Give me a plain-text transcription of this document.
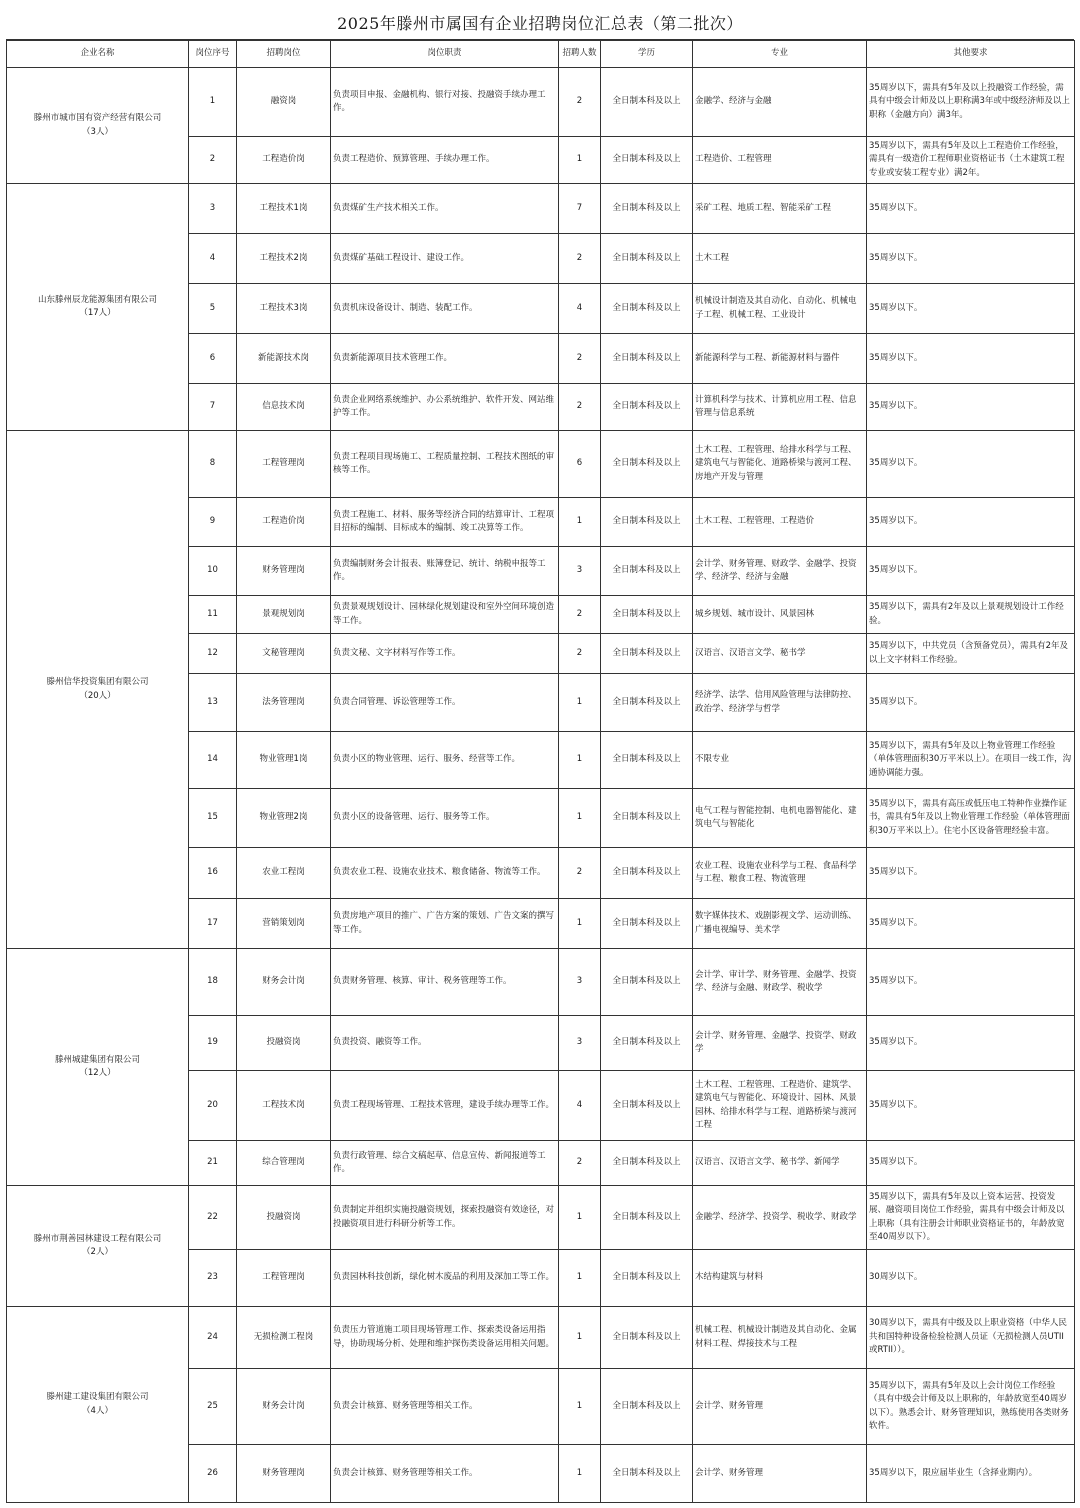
2025年滕州市属国有企业招聘岗位汇总表（第二批次）
企业名称	岗位序号	招聘岗位	岗位职责	招聘人数	学历	专业	其他要求
滕州市城市国有资产经营有限公司
（3人）	1	融资岗	负责项目申报、金融机构、银行对接、投融资手续办理工作。	2	全日制本科及以上	金融学、经济与金融	35周岁以下，需具有5年及以上投融资工作经验，需具有中级会计师及以上职称满3年或中级经济师及以上职称（金融方向）满3年。
	2	工程造价岗	负责工程造价、预算管理、手续办理工作。	1	全日制本科及以上	工程造价、工程管理	35周岁以下，需具有5年及以上工程造价工作经验，需具有一级造价工程师职业资格证书（土木建筑工程专业或安装工程专业）满2年。
山东滕州辰龙能源集团有限公司
（17人）	3	工程技术1岗	负责煤矿生产技术相关工作。	7	全日制本科及以上	采矿工程、地质工程、智能采矿工程	35周岁以下。
	4	工程技术2岗	负责煤矿基础工程设计、建设工作。	2	全日制本科及以上	土木工程	35周岁以下。
	5	工程技术3岗	负责机床设备设计、制造、装配工作。	4	全日制本科及以上	机械设计制造及其自动化、自动化、机械电子工程、机械工程、工业设计	35周岁以下。
	6	新能源技术岗	负责新能源项目技术管理工作。	2	全日制本科及以上	新能源科学与工程、新能源材料与器件	35周岁以下。
	7	信息技术岗	负责企业网络系统维护、办公系统维护、软件开发、网站维护等工作。	2	全日制本科及以上	计算机科学与技术、计算机应用工程、信息管理与信息系统	35周岁以下。
滕州信华投资集团有限公司
（20人）	8	工程管理岗	负责工程项目现场施工、工程质量控制、工程技术图纸的审核等工作。	6	全日制本科及以上	土木工程、工程管理、给排水科学与工程、建筑电气与智能化、道路桥梁与渡河工程、房地产开发与管理	35周岁以下。
	9	工程造价岗	负责工程施工、材料、服务等经济合同的结算审计、工程项目招标的编制、目标成本的编制、竣工决算等工作。	1	全日制本科及以上	土木工程、工程管理、工程造价	35周岁以下。
	10	财务管理岗	负责编制财务会计报表、账簿登记、统计、纳税申报等工作。	3	全日制本科及以上	会计学、财务管理、财政学、金融学、投资学、经济学、经济与金融	35周岁以下。
	11	景观规划岗	负责景观规划设计、园林绿化规划建设和室外空间环境创造等工作。	2	全日制本科及以上	城乡规划、城市设计、风景园林	35周岁以下，需具有2年及以上景观规划设计工作经验。
	12	文秘管理岗	负责文秘、文字材料写作等工作。	2	全日制本科及以上	汉语言、汉语言文学、秘书学	35周岁以下，中共党员（含预备党员），需具有2年及以上文字材料工作经验。
	13	法务管理岗	负责合同管理、诉讼管理等工作。	1	全日制本科及以上	经济学、法学、信用风险管理与法律防控、政治学、经济学与哲学	35周岁以下。
	14	物业管理1岗	负责小区的物业管理、运行、服务、经营等工作。	1	全日制本科及以上	不限专业	35周岁以下，需具有5年及以上物业管理工作经验（单体管理面积30万平米以上）。在项目一线工作，沟通协调能力强。
	15	物业管理2岗	负责小区的设备管理、运行、服务等工作。	1	全日制本科及以上	电气工程与智能控制、电机电器智能化、建筑电气与智能化	35周岁以下，需具有高压或低压电工特种作业操作证书，需具有5年及以上物业管理工作经验（单体管理面积30万平米以上）。住宅小区设备管理经验丰富。
	16	农业工程岗	负责农业工程、设施农业技术、粮食储备、物流等工作。	2	全日制本科及以上	农业工程、设施农业科学与工程、食品科学与工程、粮食工程、物流管理	35周岁以下。
	17	营销策划岗	负责房地产项目的推广、广告方案的策划、广告文案的撰写等工作。	1	全日制本科及以上	数字媒体技术、戏剧影视文学、运动训练、广播电视编导、美术学	35周岁以下。
滕州城建集团有限公司
（12人）	18	财务会计岗	负责财务管理、核算、审计、税务管理等工作。	3	全日制本科及以上	会计学、审计学、财务管理、金融学、投资学、经济与金融、财政学、税收学	35周岁以下。
	19	投融资岗	负责投资、融资等工作。	3	全日制本科及以上	会计学、财务管理、金融学、投资学、财政学	35周岁以下。
	20	工程技术岗	负责工程现场管理、工程技术管理，建设手续办理等工作。	4	全日制本科及以上	土木工程、工程管理、工程造价、建筑学、建筑电气与智能化、环境设计、园林、风景园林、给排水科学与工程、道路桥梁与渡河工程	35周岁以下。
	21	综合管理岗	负责行政管理、综合文稿起草、信息宣传、新闻报道等工作。	2	全日制本科及以上	汉语言、汉语言文学、秘书学、新闻学	35周岁以下。
滕州市荆善园林建设工程有限公司
（2人）	22	投融资岗	负责制定并组织实施投融资规划，探索投融资有效途径，对投融资项目进行科研分析等工作。	1	全日制本科及以上	金融学、经济学、投资学、税收学、财政学	35周岁以下，需具有5年及以上资本运营、投资发展、融资项目岗位工作经验，需具有中级会计师及以上职称（具有注册会计师职业资格证书的，年龄放宽至40周岁以下）。
	23	工程管理岗	负责园林科技创新，绿化树木废品的利用及深加工等工作。	1	全日制本科及以上	木结构建筑与材料	30周岁以下。
滕州建工建设集团有限公司
（4人）	24	无损检测工程岗	负责压力管道施工项目现场管理工作、探索类设备运用指导，协助现场分析、处理和维护探伤类设备运用相关问题。	1	全日制本科及以上	机械工程、机械设计制造及其自动化、金属材料工程、焊接技术与工程	30周岁以下，需具有中级及以上职业资格（中华人民共和国特种设备检验检测人员证（无损检测人员UTII或RTII））。
	25	财务会计岗	负责会计核算、财务管理等相关工作。	1	全日制本科及以上	会计学、财务管理	35周岁以下，需具有5年及以上会计岗位工作经验（具有中级会计师及以上职称的，年龄放宽至40周岁以下）。熟悉会计、财务管理知识，熟练使用各类财务软件。
	26	财务管理岗	负责会计核算、财务管理等相关工作。	1	全日制本科及以上	会计学、财务管理	35周岁以下，限应届毕业生（含择业期内）。
